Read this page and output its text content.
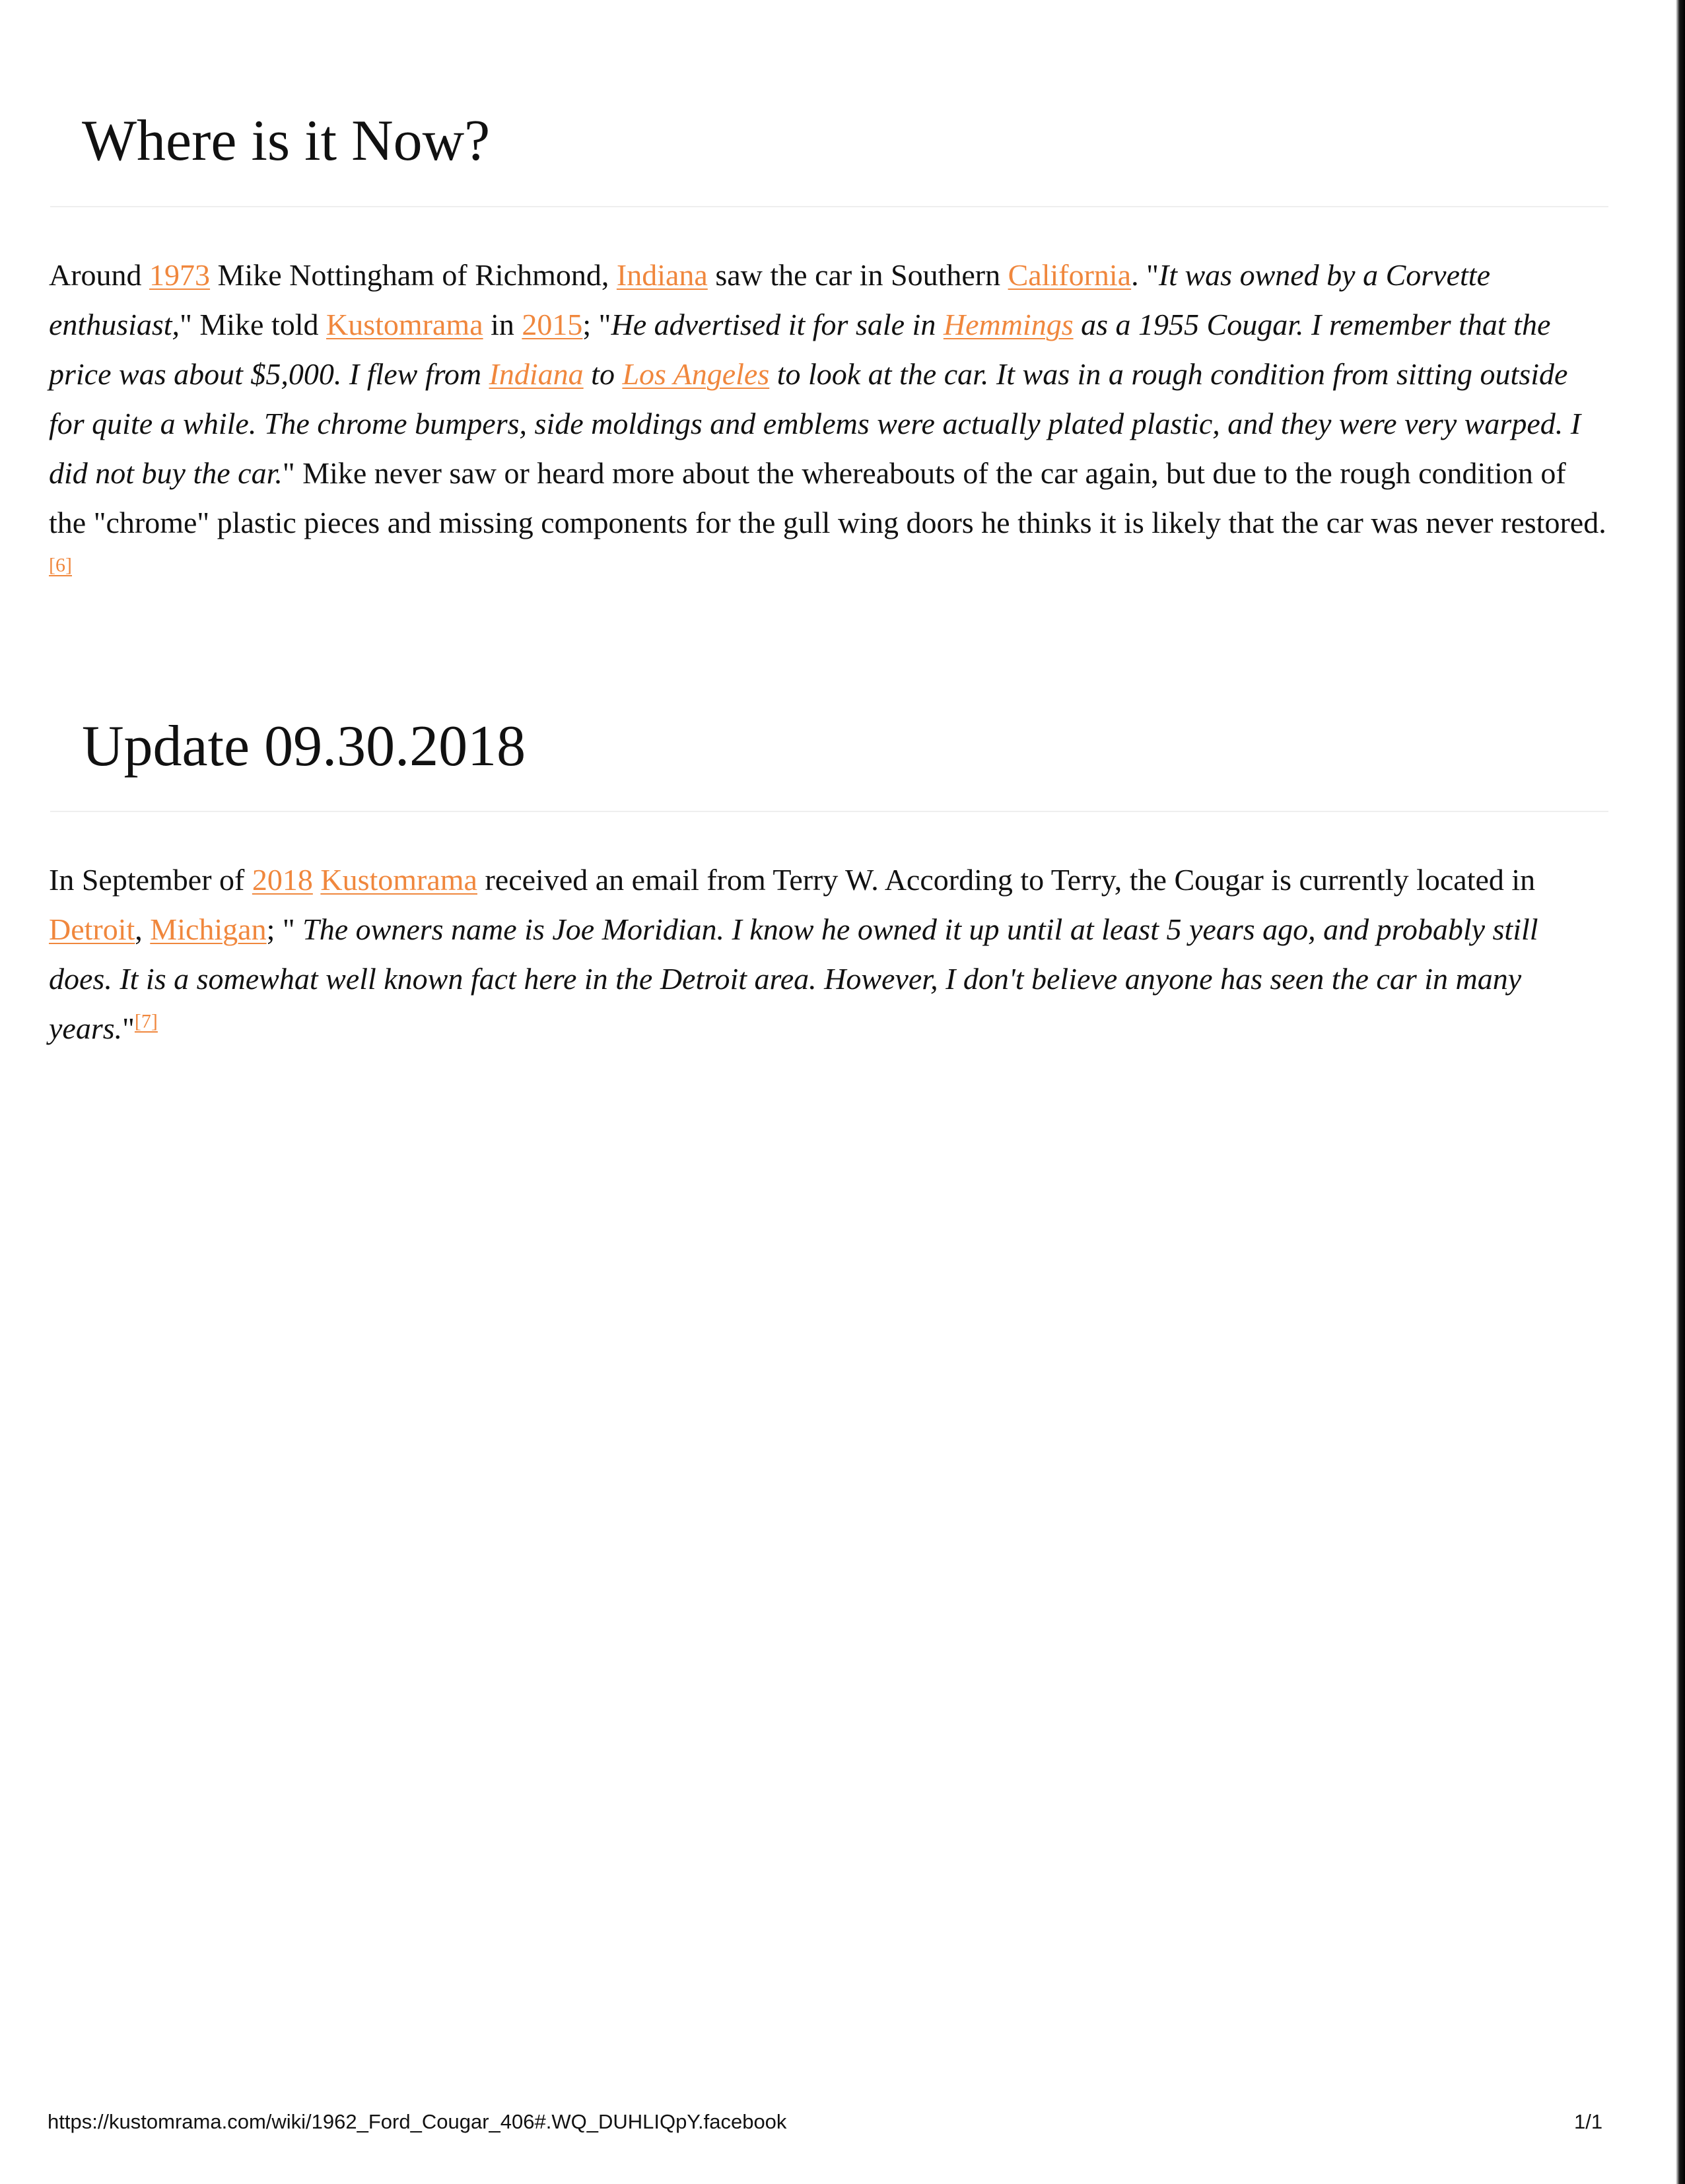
Where is it Now?

Around 1973 Mike Nottingham of Richmond, Indiana saw the car in Southern California. "It was owned by a Corvette enthusiast," Mike told Kustomrama in 2015; "He advertised it for sale in Hemmings as a 1955 Cougar. I remember that the price was about $5,000. I flew from Indiana to Los Angeles to look at the car. It was in a rough condition from sitting outside for quite a while. The chrome bumpers, side moldings and emblems were actually plated plastic, and they were very warped. I did not buy the car." Mike never saw or heard more about the whereabouts of the car again, but due to the rough condition of the "chrome" plastic pieces and missing components for the gull wing doors he thinks it is likely that the car was never restored.[6]

Update 09.30.2018

In September of 2018 Kustomrama received an email from Terry W. According to Terry, the Cougar is currently located in Detroit, Michigan; " The owners name is Joe Moridian. I know he owned it up until at least 5 years ago, and probably still does. It is a somewhat well known fact here in the Detroit area. However, I don't believe anyone has seen the car in many years."[7]

https://kustomrama.com/wiki/1962_Ford_Cougar_406#.WQ_DUHLIQpY.facebook	1/1
